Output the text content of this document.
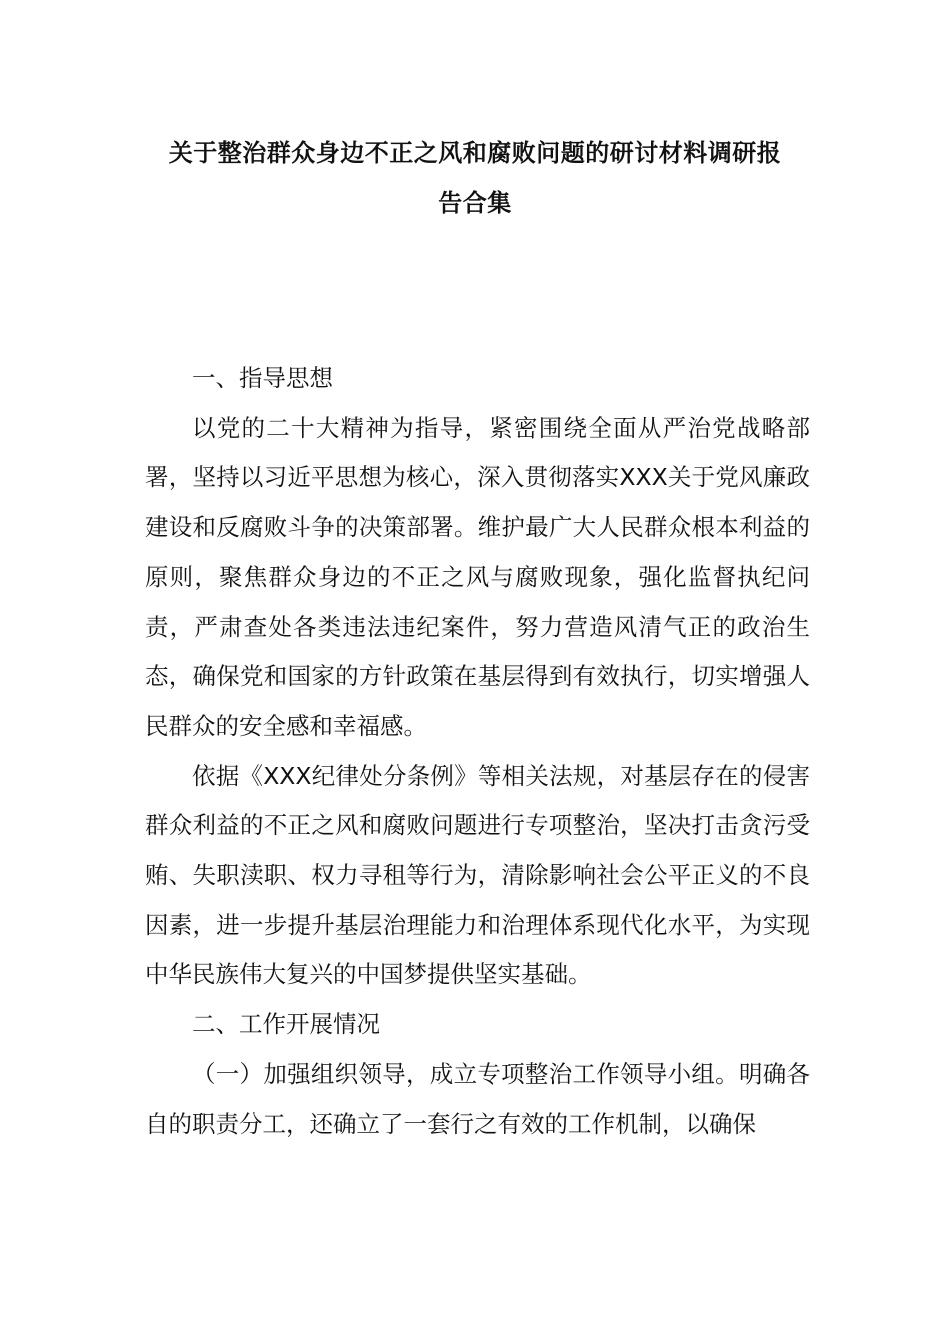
关于整治群众身边不正之风和腐败问题的研讨材料调研报
告合集

一、指导思想

以党的二十大精神为指导，紧密围绕全面从严治党战略部署，坚持以习近平思想为核心，深入贯彻落实XXX关于党风廉政建设和反腐败斗争的决策部署。维护最广大人民群众根本利益的原则，聚焦群众身边的不正之风与腐败现象，强化监督执纪问责，严肃查处各类违法违纪案件，努力营造风清气正的政治生态，确保党和国家的方针政策在基层得到有效执行，切实增强人民群众的安全感和幸福感。

依据《XXX纪律处分条例》等相关法规，对基层存在的侵害群众利益的不正之风和腐败问题进行专项整治，坚决打击贪污受贿、失职渎职、权力寻租等行为，清除影响社会公平正义的不良因素，进一步提升基层治理能力和治理体系现代化水平，为实现中华民族伟大复兴的中国梦提供坚实基础。

二、工作开展情况

（一）加强组织领导，成立专项整治工作领导小组。明确各自的职责分工，还确立了一套行之有效的工作机制，以确保
